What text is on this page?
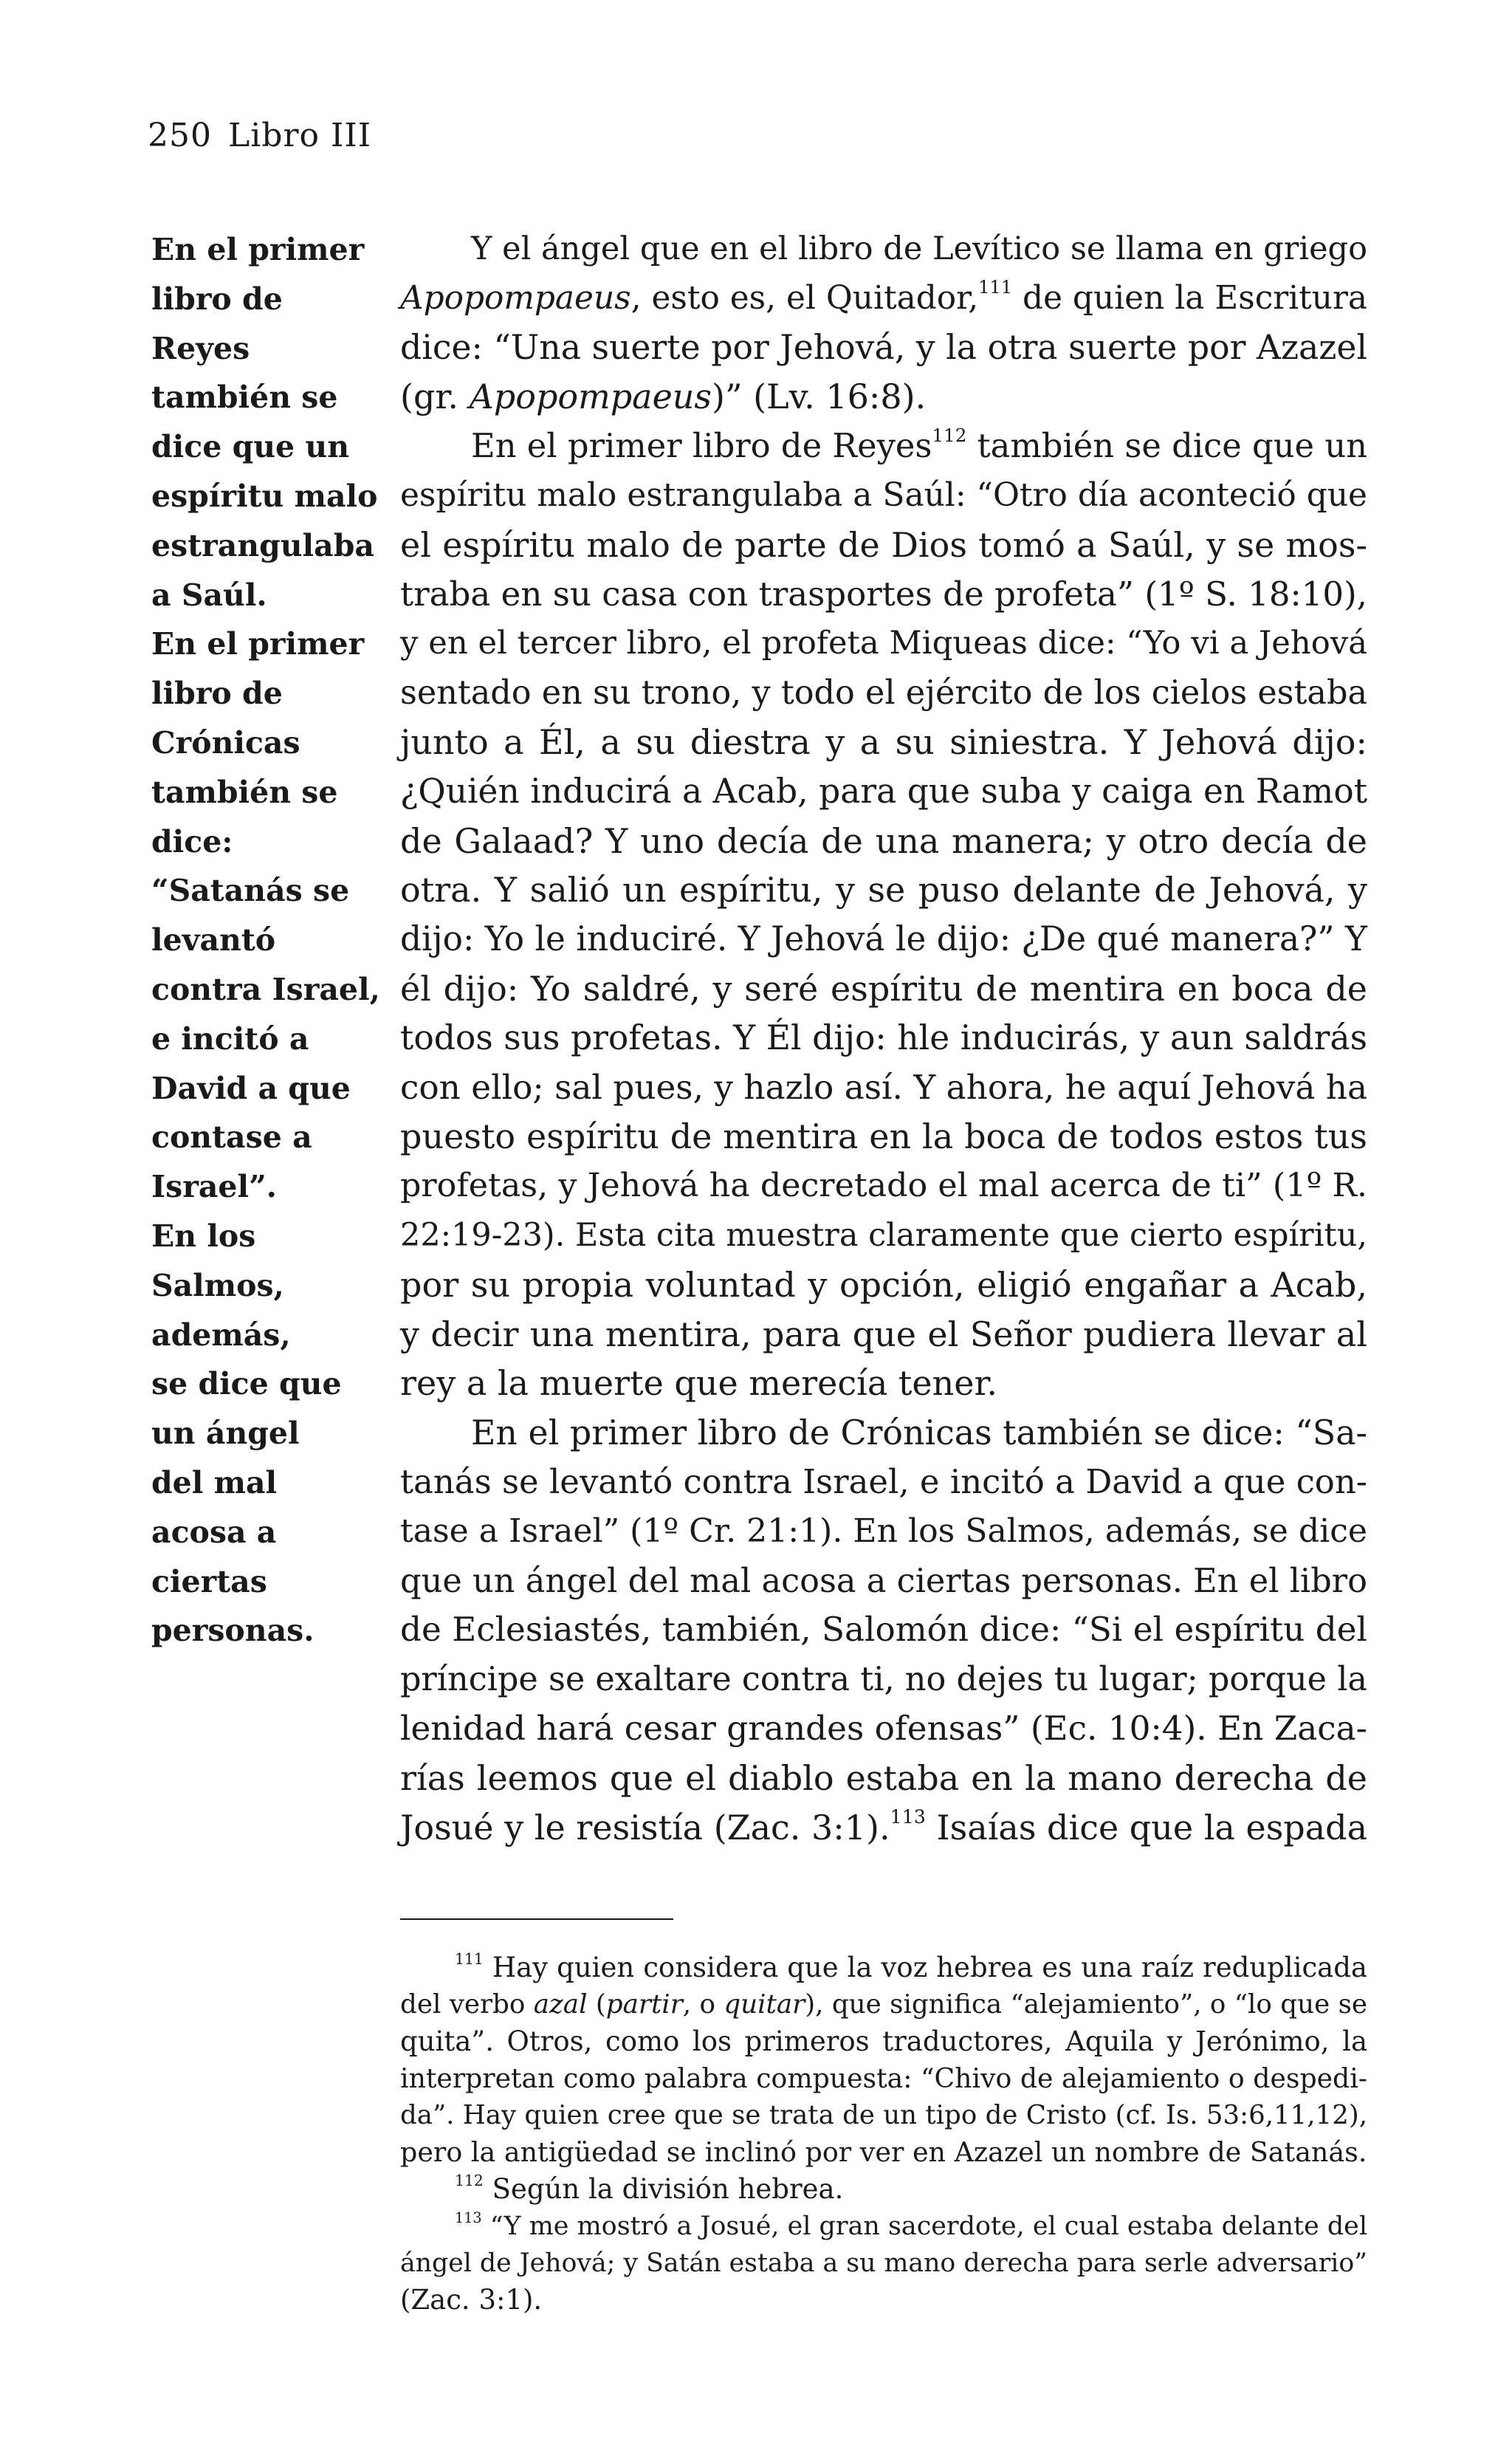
250 Libro III
En el primer
libro de
Reyes
también se
dice que un
espíritu malo
estrangulaba
a Saúl.
En el primer
libro de
Crónicas
también se
dice:
“Satanás se
levantó
contra Israel,
e incitó a
David a que
contase a
Israel”.
En los
Salmos,
además,
se dice que
un ángel
del mal
acosa a
ciertas
personas.
Y el ángel que en el libro de Levítico se llama en griego
Apopompaeus, esto es, el Quitador,$^{111}$ de quien la Escritura
dice: “Una suerte por Jehová, y la otra suerte por Azazel
(gr. Apopompaeus)” (Lv. 16:8).
En el primer libro de Reyes$^{112}$ también se dice que un
espíritu malo estrangulaba a Saúl: “Otro día aconteció que
el espíritu malo de parte de Dios tomó a Saúl, y se mos-
traba en su casa con trasportes de profeta” (1º S. 18:10),
y en el tercer libro, el profeta Miqueas dice: “Yo vi a Jehová
sentado en su trono, y todo el ejército de los cielos estaba
junto a Él, a su diestra y a su siniestra. Y Jehová dijo:
¿Quién inducirá a Acab, para que suba y caiga en Ramot
de Galaad? Y uno decía de una manera; y otro decía de
otra. Y salió un espíritu, y se puso delante de Jehová, y
dijo: Yo le induciré. Y Jehová le dijo: ¿De qué manera?” Y
él dijo: Yo saldré, y seré espíritu de mentira en boca de
todos sus profetas. Y Él dijo: hle inducirás, y aun saldrás
con ello; sal pues, y hazlo así. Y ahora, he aquí Jehová ha
puesto espíritu de mentira en la boca de todos estos tus
profetas, y Jehová ha decretado el mal acerca de ti” (1º R.
22:19-23). Esta cita muestra claramente que cierto espíritu,
por su propia voluntad y opción, eligió engañar a Acab,
y decir una mentira, para que el Señor pudiera llevar al
rey a la muerte que merecía tener.
En el primer libro de Crónicas también se dice: “Sa-
tanás se levantó contra Israel, e incitó a David a que con-
tase a Israel” (1º Cr. 21:1). En los Salmos, además, se dice
que un ángel del mal acosa a ciertas personas. En el libro
de Eclesiastés, también, Salomón dice: “Si el espíritu del
príncipe se exaltare contra ti, no dejes tu lugar; porque la
lenidad hará cesar grandes ofensas” (Ec. 10:4). En Zaca-
rías leemos que el diablo estaba en la mano derecha de
Josué y le resistía (Zac. 3:1).$^{113}$ Isaías dice que la espada
$^{111}$ Hay quien considera que la voz hebrea es una raíz reduplicada
del verbo azal (partir, o quitar), que significa “alejamiento”, o “lo que se
quita”. Otros, como los primeros traductores, Aquila y Jerónimo, la
interpretan como palabra compuesta: “Chivo de alejamiento o despedi-
da”. Hay quien cree que se trata de un tipo de Cristo (cf. Is. 53:6,11,12),
pero la antigüedad se inclinó por ver en Azazel un nombre de Satanás.
$^{112}$ Según la división hebrea.
$^{113}$ “Y me mostró a Josué, el gran sacerdote, el cual estaba delante del
ángel de Jehová; y Satán estaba a su mano derecha para serle adversario”
(Zac. 3:1).
